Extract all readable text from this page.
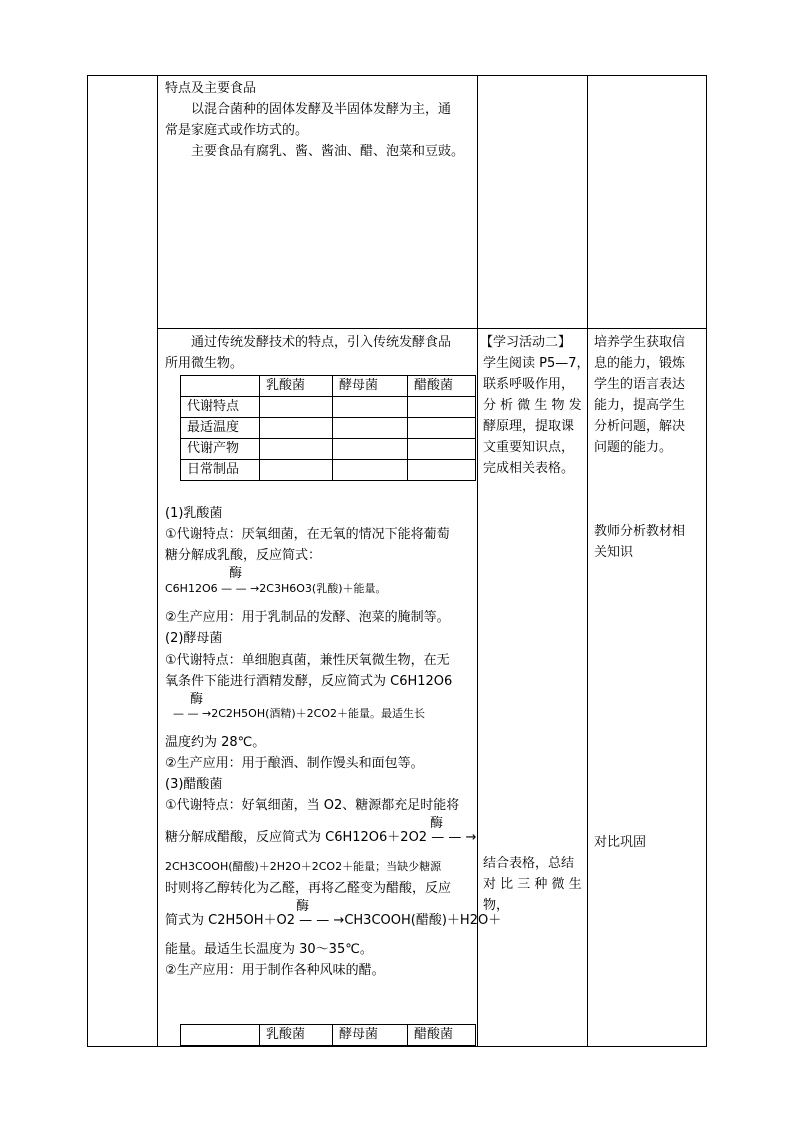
特点及主要食品
以混合菌种的固体发酵及半固体发酵为主，通
常是家庭式或作坊式的。
主要食品有腐乳、酱、酱油、醋、泡菜和豆豉。
通过传统发酵技术的特点，引入传统发酵食品
所用微生物。
	乳酸菌	酵母菌	醋酸菌
代谢特点			
最适温度			
代谢产物			
日常制品			
(1)乳酸菌
①代谢特点：厌氧细菌，在无氧的情况下能将葡萄
糖分解成乳酸，反应简式：
酶
C6H12O6 — — →2C3H6O3(乳酸)＋能量。
②生产应用：用于乳制品的发酵、泡菜的腌制等。
(2)酵母菌
①代谢特点：单细胞真菌，兼性厌氧微生物，在无
氧条件下能进行酒精发酵，反应简式为 C6H12O6
酶
— — →2C2H5OH(酒精)＋2CO2＋能量。最适生长
温度约为 28℃。
②生产应用：用于酿酒、制作馒头和面包等。
(3)醋酸菌
①代谢特点：好氧细菌，当 O2、糖源都充足时能将
酶
糖分解成醋酸，反应简式为 C6H12O6＋2O2 — — →
2CH3COOH(醋酸)＋2H2O＋2CO2＋能量；当缺少糖源
时则将乙醇转化为乙醛，再将乙醛变为醋酸，反应
酶
简式为 C2H5OH＋O2 — — →CH3COOH(醋酸)＋H2O＋
能量。最适生长温度为 30～35℃。
②生产应用：用于制作各种风味的醋。
	乳酸菌	酵母菌	醋酸菌
【学习活动二】
学生阅读 P5—7，
联系呼吸作用，
分 析 微 生 物 发
酵原理，提取课
文重要知识点，
完成相关表格。
结合表格，总结
对 比 三 种 微 生
物，
培养学生获取信
息的能力，锻炼
学生的语言表达
能力，提高学生
分析问题，解决
问题的能力。
教师分析教材相
关知识
对比巩固
